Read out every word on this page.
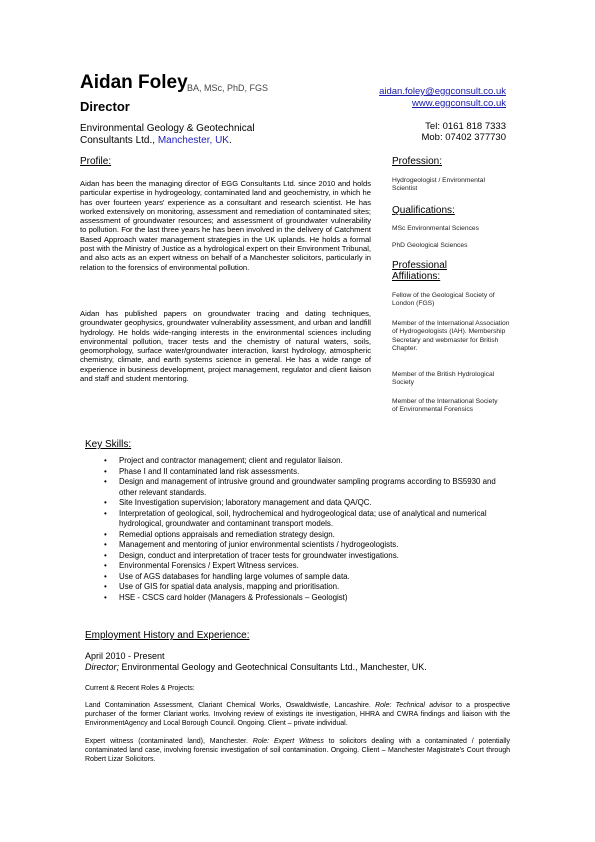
Aidan Foley BA, MSc, PhD, FGS
Director
Environmental Geology & Geotechnical
Consultants Ltd., Manchester, UK.
aidan.foley@eggconsult.co.uk
www.eggconsult.co.uk
Tel: 0161 818 7333
Mob: 07402 377730
Profile:
Aidan has been the managing director of EGG Consultants Ltd. since 2010 and holds particular expertise in hydrogeology, contaminated land and geochemistry, in which he has over fourteen years' experience as a consultant and research scientist. He has worked extensively on monitoring, assessment and remediation of contaminated sites; assessment of groundwater resources; and assessment of groundwater vulnerability to pollution. For the last three years he has been involved in the delivery of Catchment Based Approach water management strategies in the UK uplands. He holds a formal post with the Ministry of Justice as a hydrological expert on their Environment Tribunal, and also acts as an expert witness on behalf of a Manchester solicitors, particularly in relation to the forensics of environmental pollution.
Aidan has published papers on groundwater tracing and dating techniques, groundwater geophysics, groundwater vulnerability assessment, and urban and landfill hydrology. He holds wide-ranging interests in the environmental sciences including environmental pollution, tracer tests and the chemistry of natural waters, soils, geomorphology, surface water/groundwater interaction, karst hydrology, atmospheric chemistry, climate, and earth systems science in general. He has a wide range of experience in business development, project management, regulator and client liaison and staff and student mentoring.
Profession:
Hydrogeologist / Environmental Scientist
Qualifications:
MSc Environmental Sciences
PhD Geological Sciences
Professional Affiliations:
Fellow of the Geological Society of London (FGS)
Member of the International Association of Hydrogeologists (IAH). Membership Secretary and webmaster for British Chapter.
Member of the British Hydrological Society
Member of the International Society of Environmental Forensics
Key Skills:
• Project and contractor management; client and regulator liaison.
• Phase I and II contaminated land risk assessments.
• Design and management of intrusive ground and groundwater sampling programs according to BS5930 and other relevant standards.
• Site Investigation supervision; laboratory management and data QA/QC.
• Interpretation of geological, soil, hydrochemical and hydrogeological data; use of analytical and numerical hydrological, groundwater and contaminant transport models.
• Remedial options appraisals and remediation strategy design.
• Management and mentoring of junior environmental scientists / hydrogeologists.
• Design, conduct and interpretation of tracer tests for groundwater investigations.
• Environmental Forensics / Expert Witness services.
• Use of AGS databases for handling large volumes of sample data.
• Use of GIS for spatial data analysis, mapping and prioritisation.
• HSE - CSCS card holder (Managers & Professionals – Geologist)
Employment History and Experience:
April 2010 - Present
Director; Environmental Geology and Geotechnical Consultants Ltd., Manchester, UK.
Current & Recent Roles & Projects:
Land Contamination Assessment, Clariant Chemical Works, Oswaldtwistle, Lancashire. Role: Technical advisor to a prospective purchaser of the former Clariant works. Involving review of existings ite investigation, HHRA and CWRA findings and liaison with the EnvironmentAgency and Local Borough Council. Ongoing. Client – private individual.
Expert witness (contaminated land), Manchester. Role: Expert Witness to solicitors dealing with a contaminated / potentially contaminated land case, involving forensic investigation of soil contamination. Ongoing. Client – Manchester Magistrate's Court through Robert Lizar Solicitors.
